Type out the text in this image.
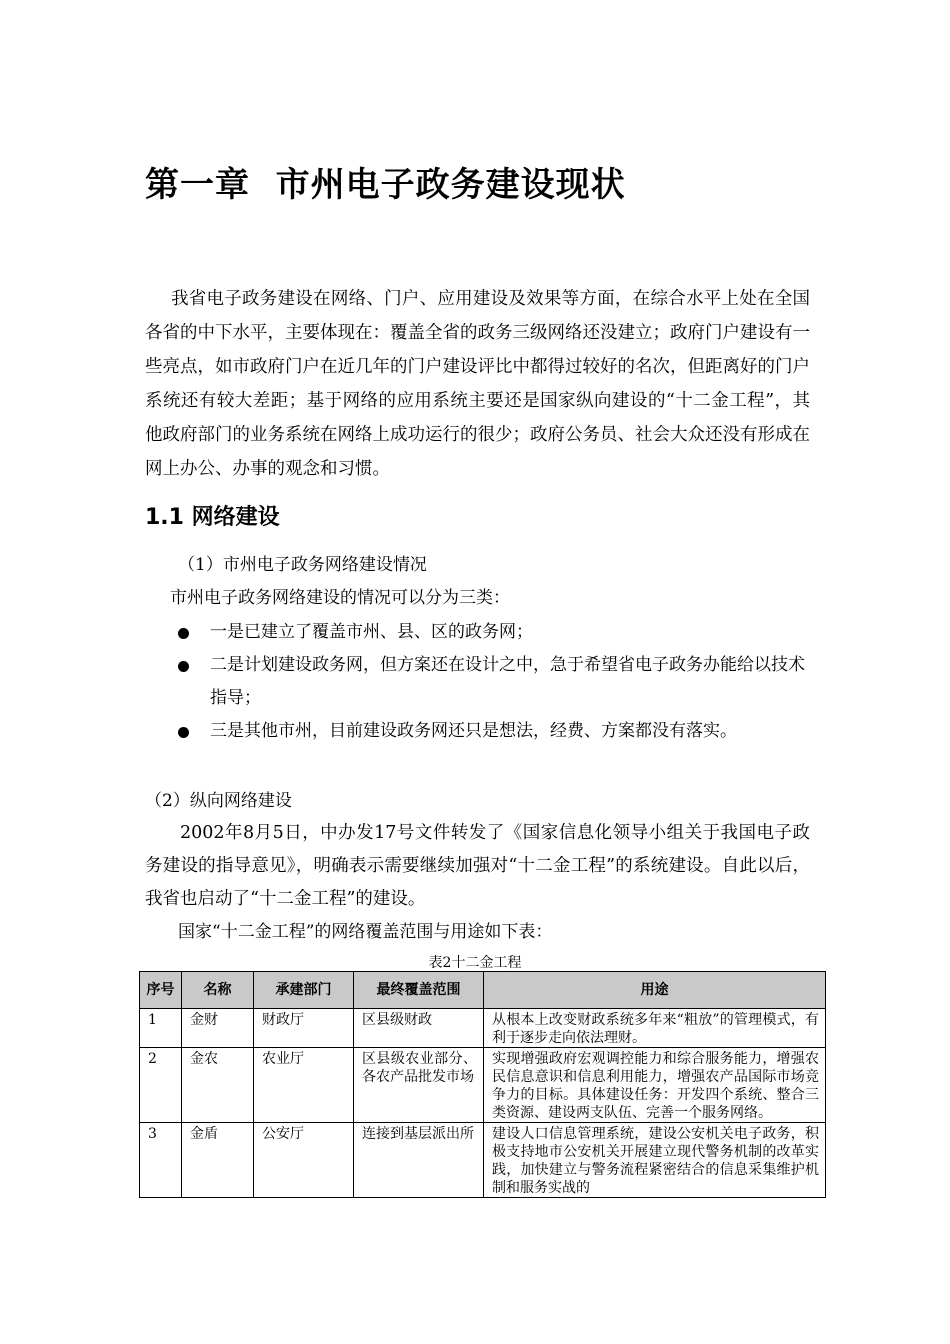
第一章  市州电子政务建设现状

我省电子政务建设在网络、门户、应用建设及效果等方面，在综合水平上处在全国各省的中下水平，主要体现在：覆盖全省的政务三级网络还没建立；政府门户建设有一些亮点，如市政府门户在近几年的门户建设评比中都得过较好的名次，但距离好的门户系统还有较大差距；基于网络的应用系统主要还是国家纵向建设的“十二金工程”，其他政府部门的业务系统在网络上成功运行的很少；政府公务员、社会大众还没有形成在网上办公、办事的观念和习惯。

1.1 网络建设
（1）市州电子政务网络建设情况
市州电子政务网络建设的情况可以分为三类：
一是已建立了覆盖市州、县、区的政务网；
二是计划建设政务网，但方案还在设计之中，急于希望省电子政务办能给以技术指导；
三是其他市州，目前建设政务网还只是想法，经费、方案都没有落实。
（2）纵向网络建设

2002年8月5日，中办发17号文件转发了《国家信息化领导小组关于我国电子政务建设的指导意见》，明确表示需要继续加强对“十二金工程”的系统建设。自此以后，我省也启动了“十二金工程”的建设。

国家“十二金工程”的网络覆盖范围与用途如下表：
表2十二金工程
序号	名称	承建部门	最终覆盖范围	用途
1	金财	财政厅	区县级财政	从根本上改变财政系统多年来“粗放”的管理模式，有利于逐步走向依法理财。
2	金农	农业厅	区县级农业部分、各农产品批发市场	实现增强政府宏观调控能力和综合服务能力，增强农民信息意识和信息利用能力，增强农产品国际市场竞争力的目标。具体建设任务：开发四个系统、整合三类资源、建设两支队伍、完善一个服务网络。
3	金盾	公安厅	连接到基层派出所	建设人口信息管理系统，建设公安机关电子政务，积极支持地市公安机关开展建立现代警务机制的改革实践，加快建立与警务流程紧密结合的信息采集维护机制和服务实战的
